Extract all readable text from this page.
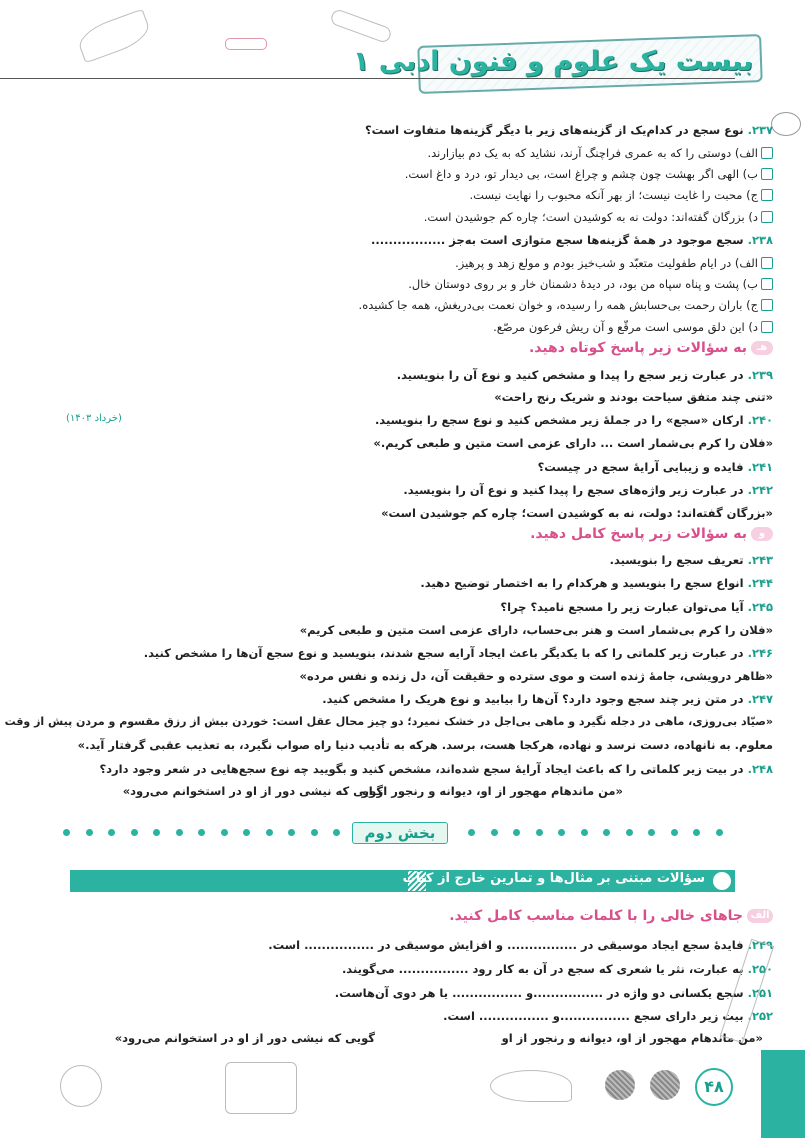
بیست یک علوم و فنون ادبی ۱
۲۳۷. نوع سجع در کدام‌یک از گزینه‌های زیر با دیگر گزینه‌ها متفاوت است؟
الف) دوستی را که به عمری فراچنگ آرند، نشاید که به یک دم بیازارند.
ب) الهی اگر بهشت چون چشم و چراغ است، بی دیدار تو، درد و داغ است.
ج) محبت را غایت نیست؛ از بهر آنکه محبوب را نهایت نیست.
د) بزرگان گفته‌اند: دولت نه به کوشیدن است؛ چاره کم جوشیدن است.
۲۳۸. سجع موجود در همهٔ گزینه‌ها سجع متوازی است به‌جز .................
الف) در ایام طفولیت متعبّد و شب‌خیز بودم و مولع زهد و پرهیز.
ب) پشت و پناه سپاه من بود، در دیدهٔ دشمنان خار و بر روی دوستان خال.
ج) باران رحمت بی‌حسابش همه را رسیده، و خوان نعمت بی‌دریغش، همه جا کشیده.
د) این دلق موسی است مرقّع و آن ریش فرعون مرصّع.
هـبه سؤالات زیر پاسخ کوتاه دهید.
۲۳۹. در عبارت زیر سجع را پیدا و مشخص کنید و نوع آن را بنویسید.
«تنی چند متفق سیاحت بودند و شریک رنج راحت»
۲۴۰. ارکان «سجع» را در جملهٔ زیر مشخص کنید و نوع سجع را بنویسید.
«فلان را کرم بی‌شمار است ... دارای عزمی است متین و طبعی کریم.»
۲۴۱. فایده و زیبایی آرایهٔ سجع در چیست؟
۲۴۲. در عبارت زیر واژه‌های سجع را پیدا کنید و نوع آن را بنویسید.
«بزرگان گفته‌اند: دولت، نه به کوشیدن است؛ چاره کم جوشیدن است»
وبه سؤالات زیر پاسخ کامل دهید.
۲۴۳. تعریف سجع را بنویسید.
۲۴۴. انواع سجع را بنویسید و هرکدام را به اختصار توضیح دهید.
۲۴۵. آیا می‌توان عبارت زیر را مسجع نامید؟ چرا؟
«فلان را کرم بی‌شمار است و هنر بی‌حساب، دارای عزمی است متین و طبعی کریم»
۲۴۶. در عبارت زیر کلماتی را که با یکدیگر باعث ایجاد آرایه سجع شدند، بنویسید و نوع سجع آن‌ها را مشخص کنید.
«ظاهر درویشی، جامهٔ ژنده است و موی سترده و حقیقت آن، دل زنده و نفس مرده»
۲۴۷. در متن زیر چند سجع وجود دارد؟ آن‌ها را بیابید و نوع هریک را مشخص کنید.
«صیّاد بی‌روزی، ماهی در دجله نگیرد و ماهی بی‌اجل در خشک نمیرد؛ دو چیز محال عقل است: خوردن بیش از رزق مقسوم و مردن پیش از وقت
معلوم. به نانهاده، دست نرسد و نهاده، هرکجا هست، برسد. هرکه به تأدیب دنیا راه صواب نگیرد، به تعذیب عقبی گرفتار آید.»
۲۴۸. در بیت زیر کلماتی را که باعث ایجاد آرایهٔ سجع شده‌اند، مشخص کنید و بگویید چه نوع سجع‌هایی در شعر وجود دارد؟
«من ماندهام مهجور از او، دیوانه و رنجور از او
گویی که نیشی دور از او در استخوانم می‌رود»
(خرداد ۱۴۰۳)
بخش دوم
سؤالات مبتنی بر مثال‌ها و تمارین خارج از کتاب
الفجاهای خالی را با کلمات مناسب کامل کنید.
۲۴۹. فایدهٔ سجع ایجاد موسیقی در ................ و افزایش موسیقی در ................ است.
۲۵۰. به عبارت، نثر یا شعری که سجع در آن به کار رود ................ می‌گویند.
۲۵۱. سجع یکسانی دو واژه در ................و ................ یا هر دوی آن‌هاست.
۲۵۲. بیت زیر دارای سجع ................و ................ است.
«من ماندهام مهجور از او، دیوانه و رنجور از او
گویی که نیشی دور از او در استخوانم می‌رود»
۴۸
